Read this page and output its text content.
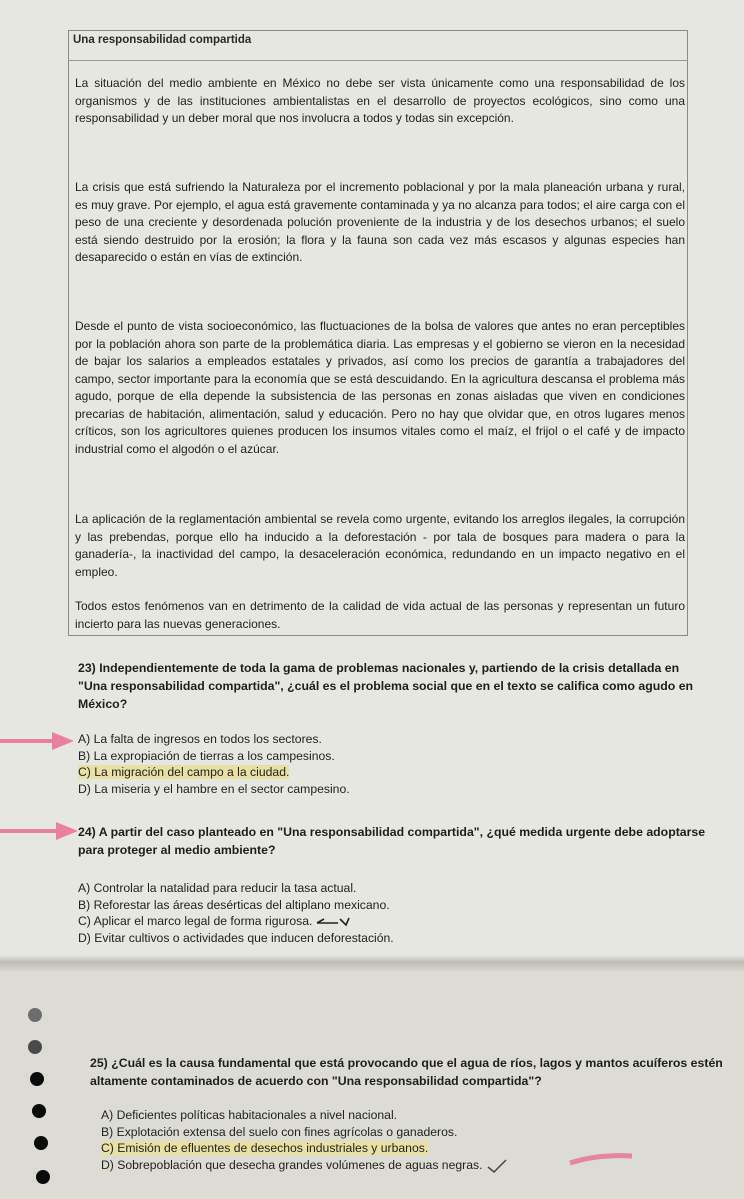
Una responsabilidad compartida

La situación del medio ambiente en México no debe ser vista únicamente como una responsabilidad de los organismos y de las instituciones ambientalistas en el desarrollo de proyectos ecológicos, sino como una responsabilidad y un deber moral que nos involucra a todos y todas sin excepción.

La crisis que está sufriendo la Naturaleza por el incremento poblacional y por la mala planeación urbana y rural, es muy grave. Por ejemplo, el agua está gravemente contaminada y ya no alcanza para todos; el aire carga con el peso de una creciente y desordenada polución proveniente de la industria y de los desechos urbanos; el suelo está siendo destruido por la erosión; la flora y la fauna son cada vez más escasos y algunas especies han desaparecido o están en vías de extinción.

Desde el punto de vista socioeconómico, las fluctuaciones de la bolsa de valores que antes no eran perceptibles por la población ahora son parte de la problemática diaria. Las empresas y el gobierno se vieron en la necesidad de bajar los salarios a empleados estatales y privados, así como los precios de garantía a trabajadores del campo, sector importante para la economía que se está descuidando. En la agricultura descansa el problema más agudo, porque de ella depende la subsistencia de las personas en zonas aisladas que viven en condiciones precarias de habitación, alimentación, salud y educación. Pero no hay que olvidar que, en otros lugares menos críticos, son los agricultores quienes producen los insumos vitales como el maíz, el frijol o el café y de impacto industrial como el algodón o el azúcar.

La aplicación de la reglamentación ambiental se revela como urgente, evitando los arreglos ilegales, la corrupción y las prebendas, porque ello ha inducido a la deforestación - por tala de bosques para madera o para la ganadería-, la inactividad del campo, la desaceleración económica, redundando en un impacto negativo en el empleo.

Todos estos fenómenos van en detrimento de la calidad de vida actual de las personas y representan un futuro incierto para las nuevas generaciones.

23) Independientemente de toda la gama de problemas nacionales y, partiendo de la crisis detallada en "Una responsabilidad compartida", ¿cuál es el problema social que en el texto se califica como agudo en México?

A) La falta de ingresos en todos los sectores.
B) La expropiación de tierras a los campesinos.
C) La migración del campo a la ciudad.
D) La miseria y el hambre en el sector campesino.

24) A partir del caso planteado en "Una responsabilidad compartida", ¿qué medida urgente debe adoptarse para proteger al medio ambiente?

A) Controlar la natalidad para reducir la tasa actual.
B) Reforestar las áreas desérticas del altiplano mexicano.
C) Aplicar el marco legal de forma rigurosa.
D) Evitar cultivos o actividades que inducen deforestación.

25) ¿Cuál es la causa fundamental que está provocando que el agua de ríos, lagos y mantos acuíferos estén altamente contaminados de acuerdo con "Una responsabilidad compartida"?

A) Deficientes políticas habitacionales a nivel nacional.
B) Explotación extensa del suelo con fines agrícolas o ganaderos.
C) Emisión de efluentes de desechos industriales y urbanos.
D) Sobrepoblación que desecha grandes volúmenes de aguas negras.
